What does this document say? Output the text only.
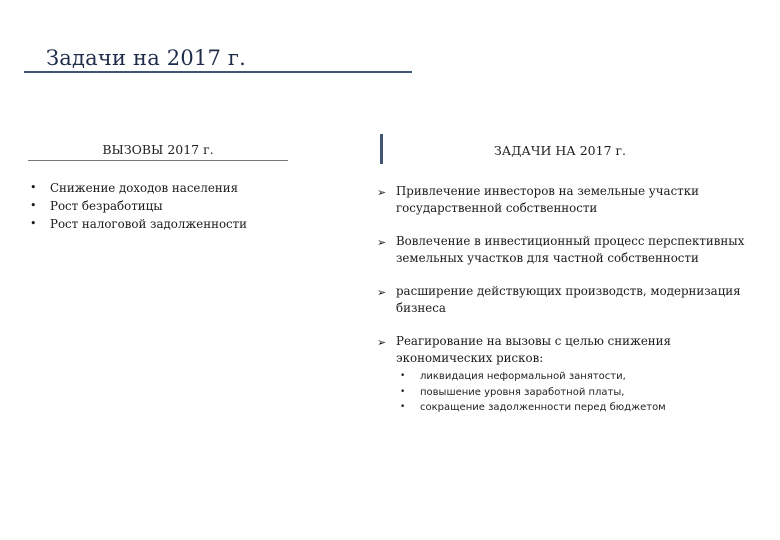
Задачи на 2017 г.
ВЫЗОВЫ 2017 г.
• Снижение доходов населения
• Рост безработицы
• Рост налоговой задолженности
ЗАДАЧИ НА 2017 г.
➢ Привлечение инвесторов на земельные участки государственной собственности
➢ Вовлечение в инвестиционный процесс перспективных земельных участков для частной собственности
➢ расширение действующих производств, модернизация бизнеса
➢ Реагирование на вызовы с целью снижения экономических рисков:
• ликвидация неформальной занятости,
• повышение уровня заработной платы,
• сокращение задолженности перед бюджетом
